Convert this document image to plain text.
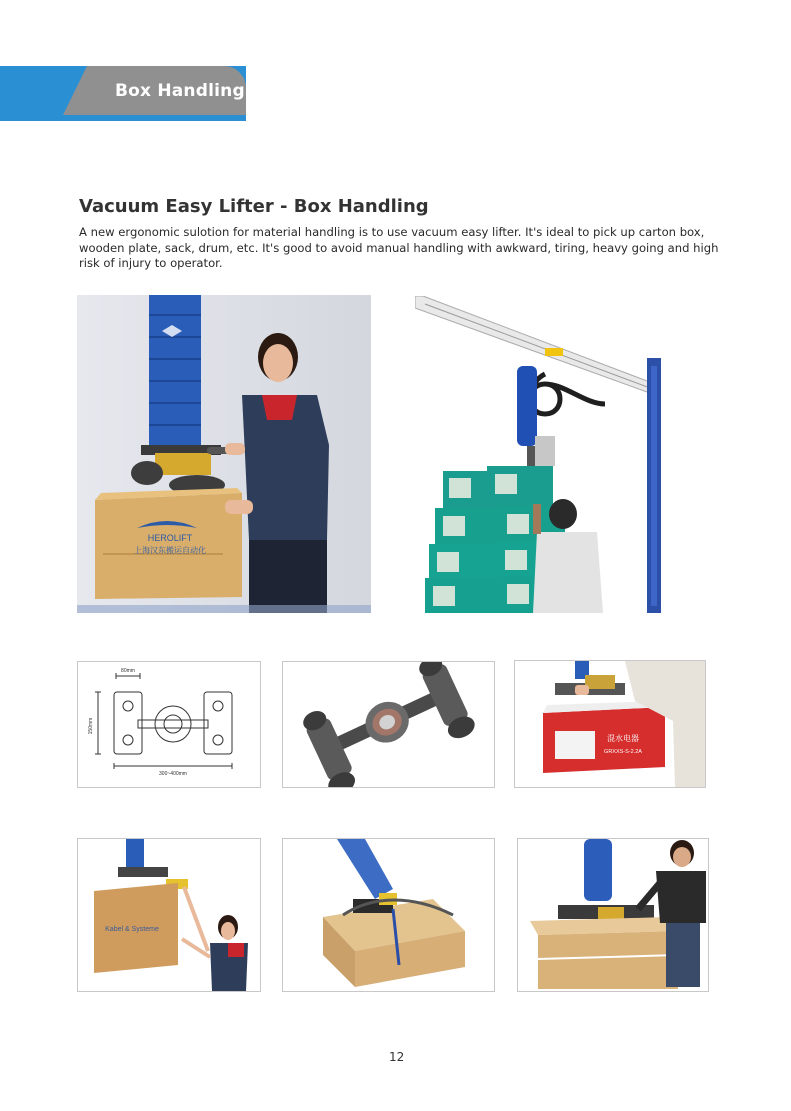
Box Handling
Vacuum Easy Lifter - Box Handling
A new ergonomic sulotion for material handling is to use vacuum easy lifter. It's ideal to pick up carton box, wooden plate, sack, drum, etc. It's good to avoid manual handling with awkward, tiring, heavy going and high risk of injury to operator.
HEROLIFT
上海汉东搬运自动化
80mm
150mm
300~400mm
混水电器
GRXXS-S-2.2A
Kabel & Systeme
12
